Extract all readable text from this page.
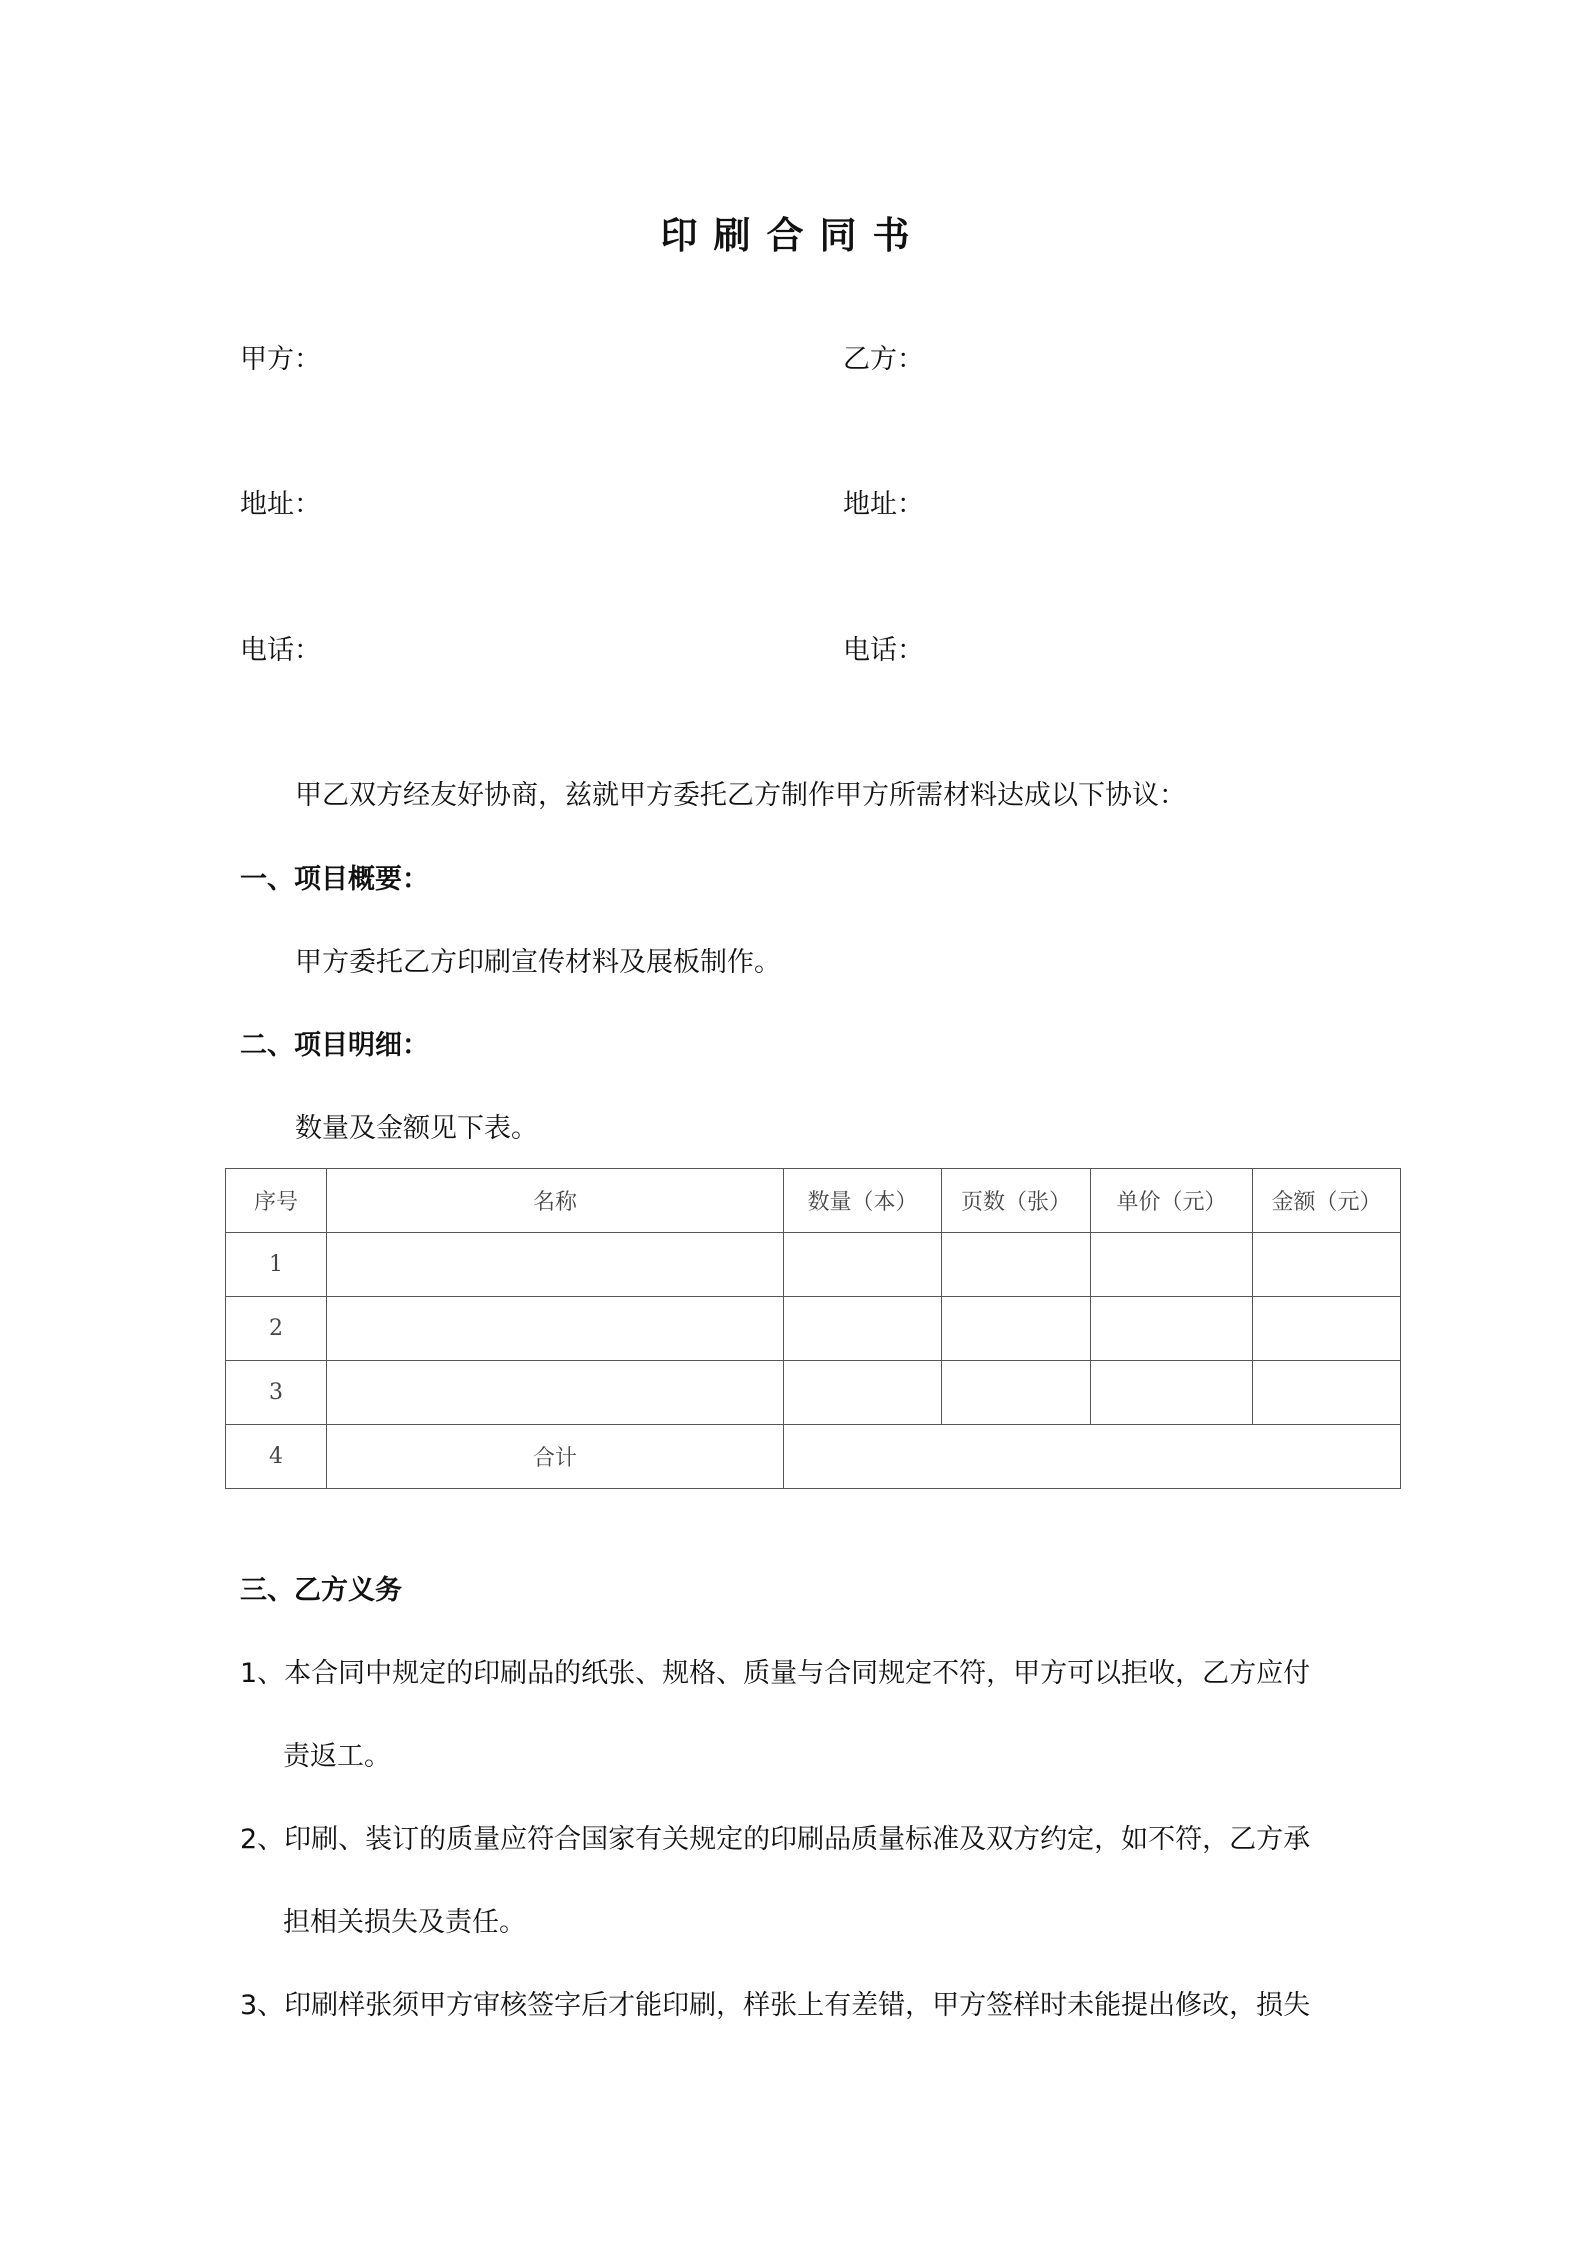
印刷合同书
甲方：	乙方：
地址：	地址：
电话：	电话：
甲乙双方经友好协商，兹就甲方委托乙方制作甲方所需材料达成以下协议：
一、项目概要：
甲方委托乙方印刷宣传材料及展板制作。
二、项目明细：
数量及金额见下表。
序号	名称	数量（本）	页数（张）	单价（元）	金额（元）
1					
2					
3					
4	合计				
三、乙方义务
1、本合同中规定的印刷品的纸张、规格、质量与合同规定不符，甲方可以拒收，乙方应付
责返工。
2、印刷、装订的质量应符合国家有关规定的印刷品质量标准及双方约定，如不符，乙方承
担相关损失及责任。
3、印刷样张须甲方审核签字后才能印刷，样张上有差错，甲方签样时未能提出修改，损失
